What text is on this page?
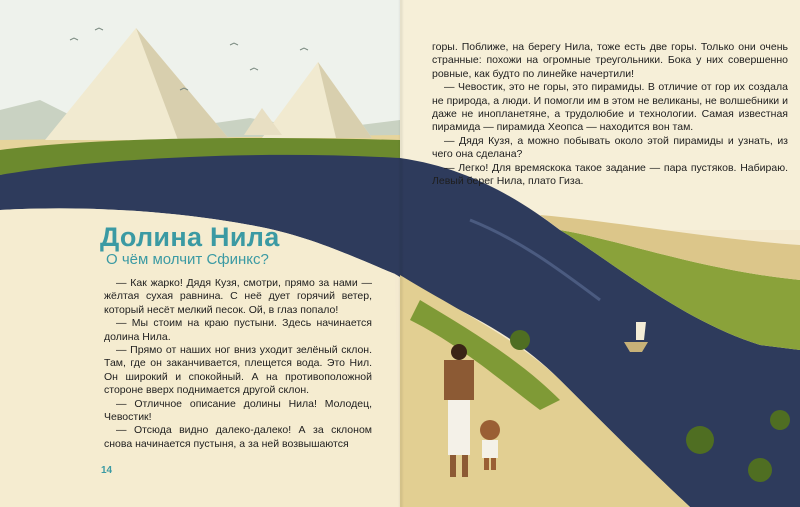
Долина Нила
О чём молчит Сфинкс?

— Как жарко! Дядя Кузя, смотри, прямо за нами — жёлтая сухая равнина. С неё дует горячий ветер, который несёт мелкий песок. Ой, в глаз попало!

— Мы стоим на краю пустыни. Здесь начинается долина Нила.

— Прямо от наших ног вниз уходит зелёный склон. Там, где он заканчивается, плещется вода. Это Нил. Он широкий и спокойный. А на противоположной стороне вверх поднимается другой склон.

— Отличное описание долины Нила! Молодец, Чевостик!

— Отсюда видно далеко-далеко! А за склоном снова начинается пустыня, а за ней возвышаются

14

горы. Поближе, на берегу Нила, тоже есть две горы. Только они очень странные: похожи на огромные треугольники. Бока у них совершенно ровные, как будто по линейке начертили!

— Чевостик, это не горы, это пирамиды. В отличие от гор их создала не природа, а люди. И помогли им в этом не великаны, не волшебники и даже не инопланетяне, а трудолюбие и технологии. Самая известная пирамида — пирамида Хеопса — находится вон там.

— Дядя Кузя, а можно побывать около этой пирамиды и узнать, из чего она сделана?

— Легко! Для времяскока такое задание — пара пустяков. Набираю. Левый берег Нила, плато Гиза.
